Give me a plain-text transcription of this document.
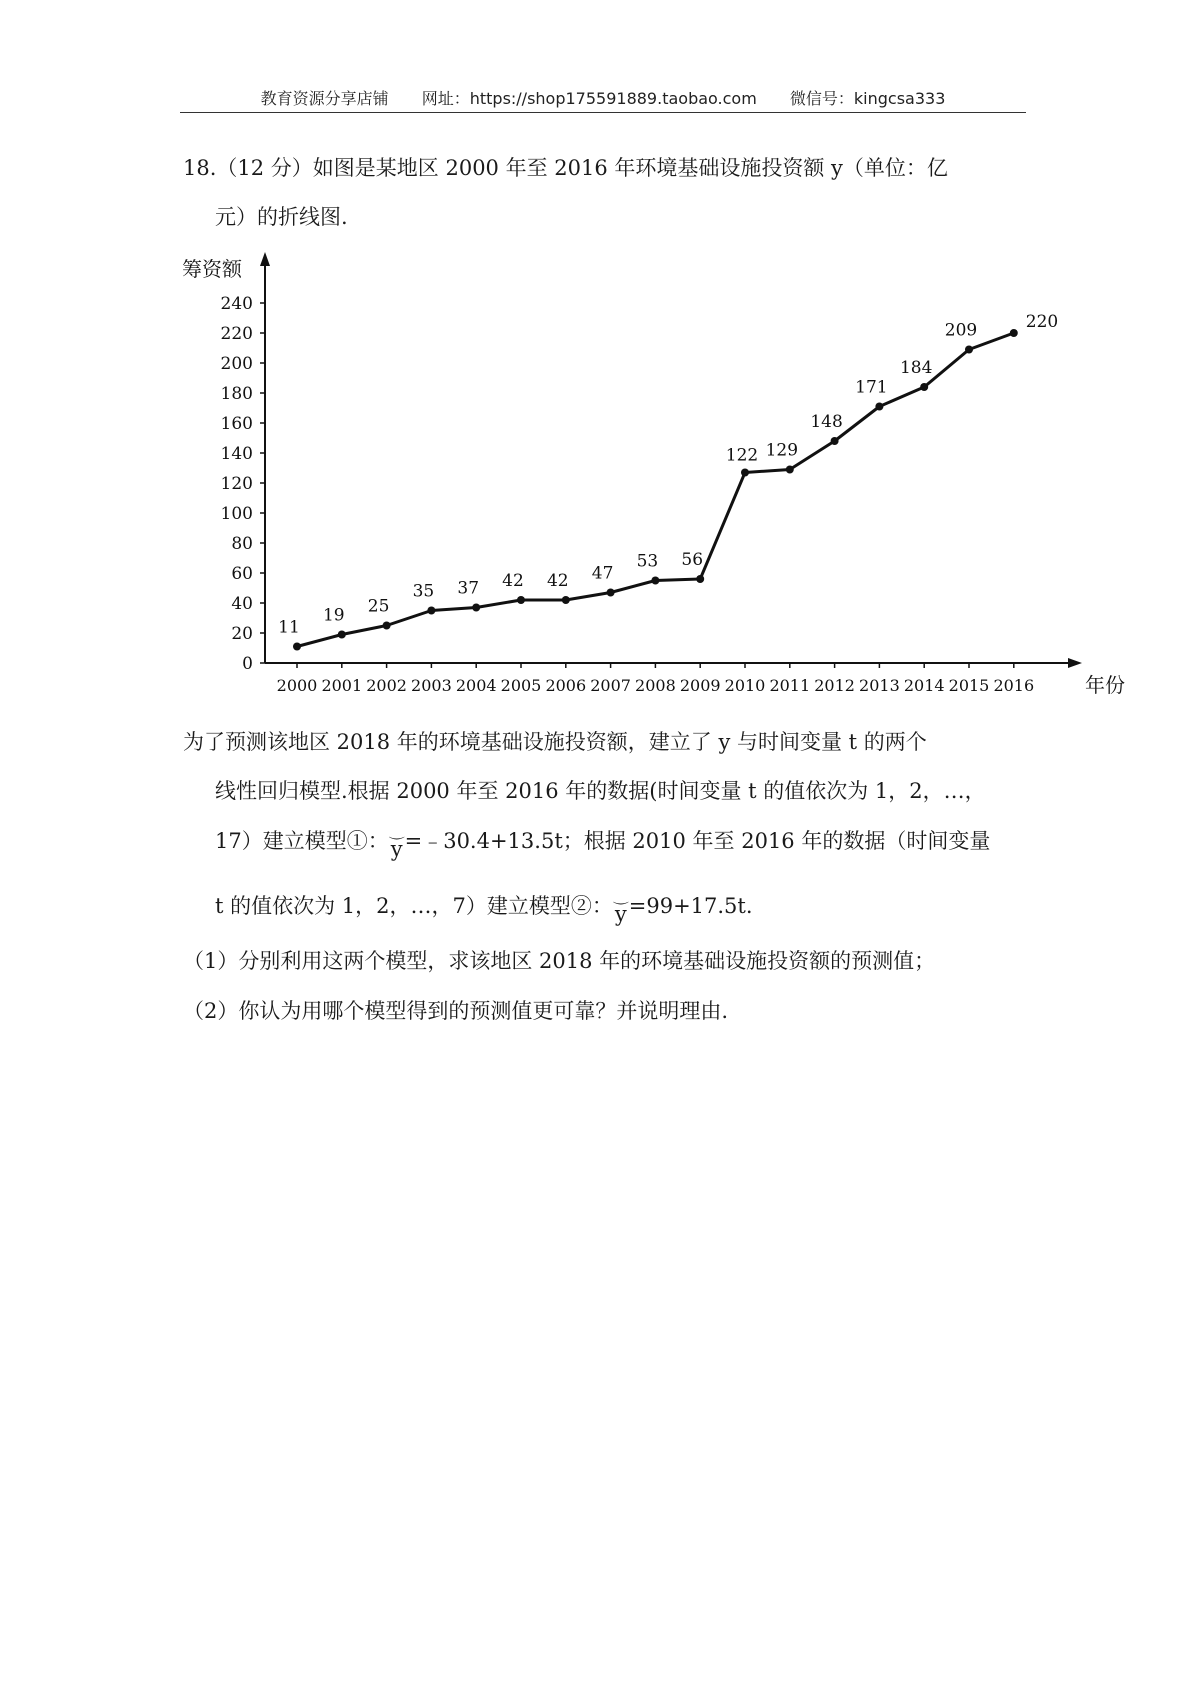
教育资源分享店铺 网址：https://shop175591889.taobao.com 微信号：kingcsa333
18.（12 分）如图是某地区 2000 年至 2016 年环境基础设施投资额 y（单位：亿
元）的折线图.
筹资额
年份
0
20
40
60
80
100
120
140
160
180
200
220
240
2000 2001 2002 2003 2004 2005 2006 2007 2008 2009 2010 2011 2012 2013 2014 2015 2016
11
19 25
35 37 42 42 47
53 56
122 129
148
171
184
209	220
为了预测该地区 2018 年的环境基础设施投资额，建立了 y 与时间变量 t 的两个
线性回归模型.根据 2000 年至 2016 年的数据(时间变量 t 的值依次为 1，2，…，
17）建立模型①：⌒ y=﹣30.4+13.5t；根据 2010 年至 2016 年的数据（时间变量
t 的值依次为 1，2，…，7）建立模型②：⌒ y=99+17.5t.
（1）分别利用这两个模型，求该地区 2018 年的环境基础设施投资额的预测值；
（2）你认为用哪个模型得到的预测值更可靠？并说明理由.
